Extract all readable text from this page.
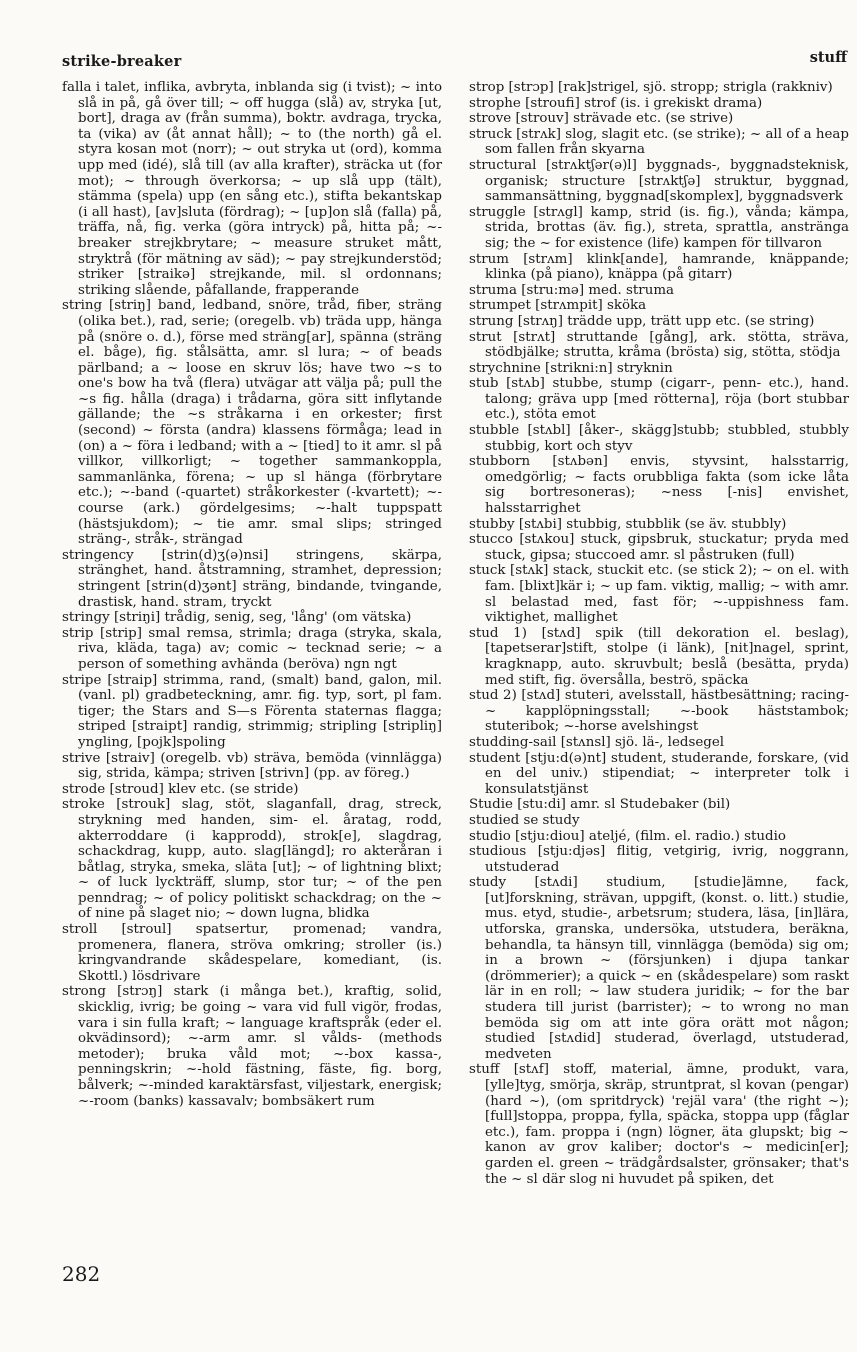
strike-breaker	stuff

falla i talet, inflika, avbryta, inblanda sig (i tvist); ~ into slå in på, gå över till; ~ off hugga (slå) av, stryka [ut, bort], draga av (från summa), boktr. avdraga, trycka, ta (vika) av (åt annat håll); ~ to (the north) gå el. styra kosan mot (norr); ~ out stryka ut (ord), komma upp med (idé), slå till (av alla krafter), sträcka ut (for mot); ~ through överkorsa; ~ up slå upp (tält), stämma (spela) upp (en sång etc.), stifta bekantskap (i all hast), [av]sluta (fördrag); ~ [up]on slå (falla) på, träffa, nå, fig. verka (göra intryck) på, hitta på; ~-breaker strejkbrytare; ~ measure struket mått, stryktrå (för mätning av säd); ~ pay strejkunderstöd; striker [straikə] strejkande, mil. sl ordonnans; striking slående, påfallande, frapperande

string [striŋ] band, ledband, snöre, tråd, fiber, sträng (olika bet.), rad, serie; (oregelb. vb) träda upp, hänga på (snöre o. d.), förse med sträng[ar], spänna (sträng el. båge), fig. stålsätta, amr. sl lura; ~ of beads pärlband; a ~ loose en skruv lös; have two ~s to one's bow ha två (flera) utvägar att välja på; pull the ~s fig. hålla (draga) i trådarna, göra sitt inflytande gällande; the ~s stråkarna i en orkester; first (second) ~ första (andra) klassens förmåga; lead in (on) a ~ föra i ledband; with a ~ [tied] to it amr. sl på villkor, villkorligt; ~ together sammankoppla, sammanlänka, förena; ~ up sl hänga (förbrytare etc.); ~-band (-quartet) stråkorkester (-kvartett); ~-course (ark.) gördelgesims; ~-halt tuppspatt (hästsjukdom); ~ tie amr. smal slips; stringed sträng-, stråk-, strängad

stringency [strin(d)ʒ(ə)nsi] stringens, skärpa, stränghet, hand. åtstramning, stramhet, depression; stringent [strin(d)ʒənt] sträng, bindande, tvingande, drastisk, hand. stram, tryckt

stringy [striŋi] trådig, senig, seg, 'lång' (om vätska)

strip [strip] smal remsa, strimla; draga (stryka, skala, riva, kläda, taga) av; comic ~ tecknad serie; ~ a person of something avhända (beröva) ngn ngt

stripe [straip] strimma, rand, (smalt) band, galon, mil. (vanl. pl) gradbeteckning, amr. fig. typ, sort, pl fam. tiger; the Stars and S—s Förenta staternas flagga; striped [straipt] randig, strimmig; stripling [stripliŋ] yngling, [pojk]spoling

strive [straiv] (oregelb. vb) sträva, bemöda (vinnlägga) sig, strida, kämpa; striven [strivn] (pp. av föreg.)

strode [stroud] klev etc. (se stride)

stroke [strouk] slag, stöt, slaganfall, drag, streck, strykning med handen, sim- el. åratag, rodd, akterroddare (i kapprodd), strok[e], slagdrag, schackdrag, kupp, auto. slag[längd]; ro akteråran i båtlag, stryka, smeka, släta [ut]; ~ of lightning blixt; ~ of luck lyckträff, slump, stor tur; ~ of the pen penndrag; ~ of policy politiskt schackdrag; on the ~ of nine på slaget nio; ~ down lugna, blidka

stroll [stroul] spatsertur, promenad; vandra, promenera, flanera, ströva omkring; stroller (is.) kringvandrande skådespelare, komediant, (is. Skottl.) lösdrivare

strong [strɔŋ] stark (i många bet.), kraftig, solid, skicklig, ivrig; be going ~ vara vid full vigör, frodas, vara i sin fulla kraft; ~ language kraftspråk (eder el. okvädinsord); ~-arm amr. sl vålds- (methods metoder); bruka våld mot; ~-box kassa-, penningskrin; ~-hold fästning, fäste, fig. borg, bålverk; ~-minded karaktärsfast, viljestark, energisk; ~-room (banks) kassavalv; bombsäkert rum

strop [strɔp] [rak]strigel, sjö. stropp; strigla (rakkniv)

strophe [stroufi] strof (is. i grekiskt drama)

strove [strouv] strävade etc. (se strive)

struck [strʌk] slog, slagit etc. (se strike); ~ all of a heap som fallen från skyarna

structural [strʌktʃər(ə)l] byggnads-, byggnadsteknisk, organisk; structure [strʌktʃə] struktur, byggnad, sammansättning, byggnad[skomplex], byggnadsverk

struggle [strʌgl] kamp, strid (is. fig.), vånda; kämpa, strida, brottas (äv. fig.), streta, sprattla, anstränga sig; the ~ for existence (life) kampen för tillvaron

strum [strʌm] klink[ande], hamrande, knäppande; klinka (på piano), knäppa (på gitarr)

struma [stru:mə] med. struma

strumpet [strʌmpit] sköka

strung [strʌŋ] trädde upp, trätt upp etc. (se string)

strut [strʌt] struttande [gång], ark. stötta, sträva, stödbjälke; strutta, kråma (brösta) sig, stötta, stödja

strychnine [strikni:n] stryknin

stub [stʌb] stubbe, stump (cigarr-, penn- etc.), hand. talong; gräva upp [med rötterna], röja (bort stubbar etc.), stöta emot

stubble [stʌbl] [åker-, skägg]stubb; stubbled, stubbly stubbig, kort och styv

stubborn [stʌbən] envis, styvsint, halsstarrig, omedgörlig; ~ facts orubbliga fakta (som icke låta sig bortresoneras); ~ness [-nis] envishet, halsstarrighet

stubby [stʌbi] stubbig, stubblik (se äv. stubbly)

stucco [stʌkou] stuck, gipsbruk, stuckatur; pryda med stuck, gipsa; stuccoed amr. sl påstruken (full)

stuck [stʌk] stack, stuckit etc. (se stick 2); ~ on el. with fam. [blixt]kär i; ~ up fam. viktig, mallig; ~ with amr. sl belastad med, fast för; ~-uppishness fam. viktighet, mallighet

stud 1) [stʌd] spik (till dekoration el. beslag), [tapetserar]stift, stolpe (i länk), [nit]nagel, sprint, kragknapp, auto. skruvbult; beslå (besätta, pryda) med stift, fig. översålla, beströ, späcka

stud 2) [stʌd] stuteri, avelsstall, hästbesättning; racing-~ kapplöpningsstall; ~-book häststambok; stuteribok; ~-horse avelshingst

studding-sail [stʌnsl] sjö. lä-, ledsegel

student [stju:d(ə)nt] student, studerande, forskare, (vid en del univ.) stipendiat; ~ interpreter tolk i konsulatstjänst

Studie [stu:di] amr. sl Studebaker (bil)

studied se study

studio [stju:diou] ateljé, (film. el. radio.) studio

studious [stju:djəs] flitig, vetgirig, ivrig, noggrann, utstuderad

study [stʌdi] studium, [studie]ämne, fack, [ut]forskning, strävan, uppgift, (konst. o. litt.) studie, mus. etyd, studie-, arbetsrum; studera, läsa, [in]lära, utforska, granska, undersöka, utstudera, beräkna, behandla, ta hänsyn till, vinnlägga (bemöda) sig om; in a brown ~ (försjunken) i djupa tankar (drömmerier); a quick ~ en (skådespelare) som raskt lär in en roll; ~ law studera juridik; ~ for the bar studera till jurist (barrister); ~ to wrong no man bemöda sig om att inte göra orätt mot någon; studied [stʌdid] studerad, överlagd, utstuderad, medveten

stuff [stʌf] stoff, material, ämne, produkt, vara, [ylle]tyg, smörja, skräp, struntprat, sl kovan (pengar) (hard ~), (om spritdryck) 'rejäl vara' (the right ~); [full]stoppa, proppa, fylla, späcka, stoppa upp (fåglar etc.), fam. proppa i (ngn) lögner, äta glupskt; big ~ kanon av grov kaliber; doctor's ~ medicin[er]; garden el. green ~ trädgårdsalster, grönsaker; that's the ~ sl där slog ni huvudet på spiken, det

282
